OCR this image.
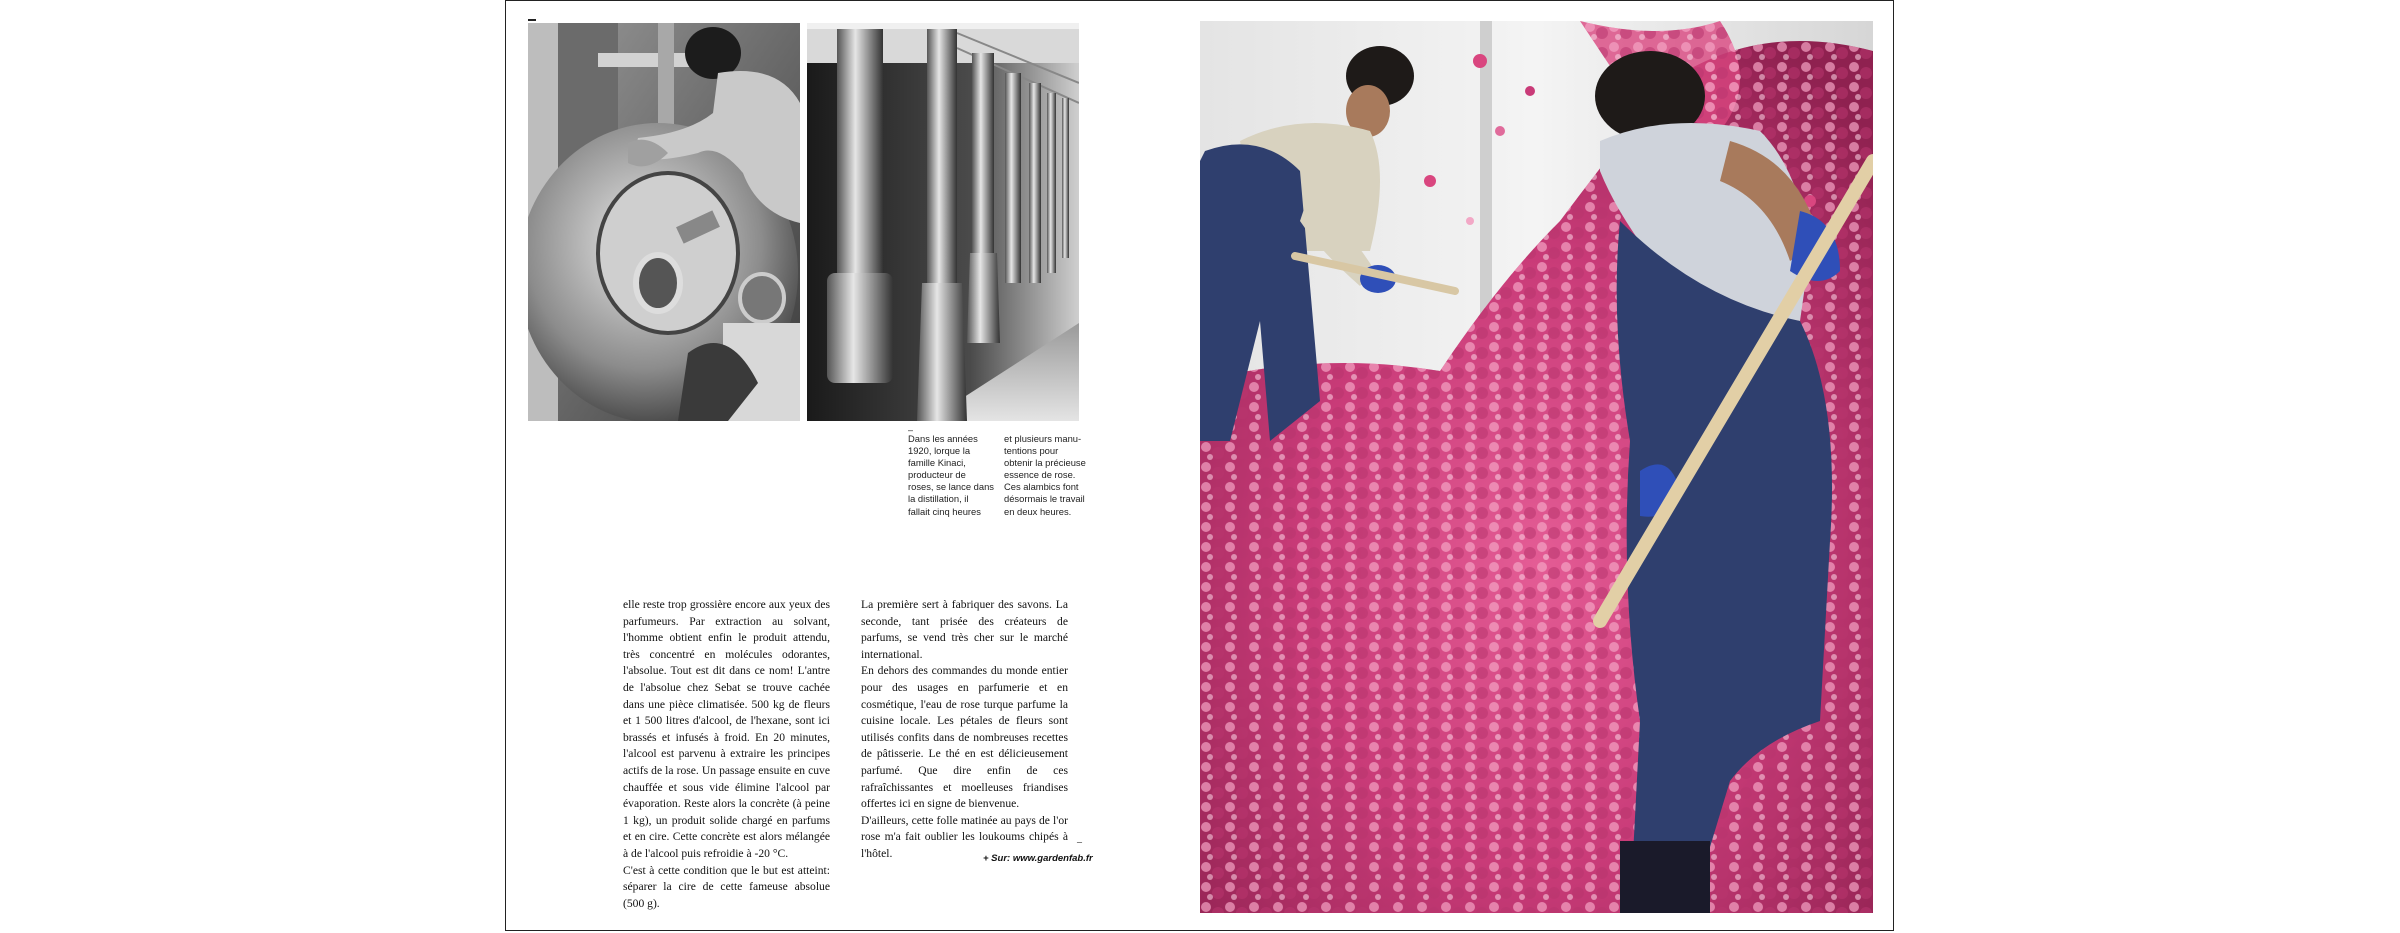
–
Dans les années
1920, lorque la
famille Kinaci,
producteur de
roses, se lance dans
la distillation, il
fallait cinq heures
et plusieurs manu-
tentions pour
obtenir la précieuse
essence de rose.
Ces alambics font
désormais le travail
en deux heures.

elle reste trop grossière encore aux yeux des parfumeurs. Par extraction au solvant, l'homme obtient enfin le produit attendu, très concentré en molécules odorantes, l'absolue. Tout est dit dans ce nom! L'antre de l'absolue chez Sebat se trouve cachée dans une pièce climatisée. 500 kg de fleurs et 1 500 litres d'alcool, de l'hexane, sont ici brassés et infusés à froid. En 20 minutes, l'alcool est parvenu à extraire les principes actifs de la rose. Un passage ensuite en cuve chauffée et sous vide élimine l'alcool par évaporation. Reste alors la concrète (à peine 1 kg), un produit solide chargé en parfums et en cire. Cette concrète est alors mélangée à de l'alcool puis refroidie à -20 °C.

C'est à cette condition que le but est atteint: séparer la cire de cette fameuse absolue (500 g).

La première sert à fabriquer des savons. La seconde, tant prisée des créateurs de parfums, se vend très cher sur le marché international.

En dehors des commandes du monde entier pour des usages en parfumerie et en cosmétique, l'eau de rose turque parfume la cuisine locale. Les pétales de fleurs sont utilisés confits dans de nombreuses recettes de pâtisserie. Le thé en est délicieusement parfumé. Que dire enfin de ces rafraîchissantes et moelleuses friandises offertes ici en signe de bienvenue.

D'ailleurs, cette folle matinée au pays de l'or rose m'a fait oublier les loukoums chipés à l'hôtel.

–
+ Sur: www.gardenfab.fr
